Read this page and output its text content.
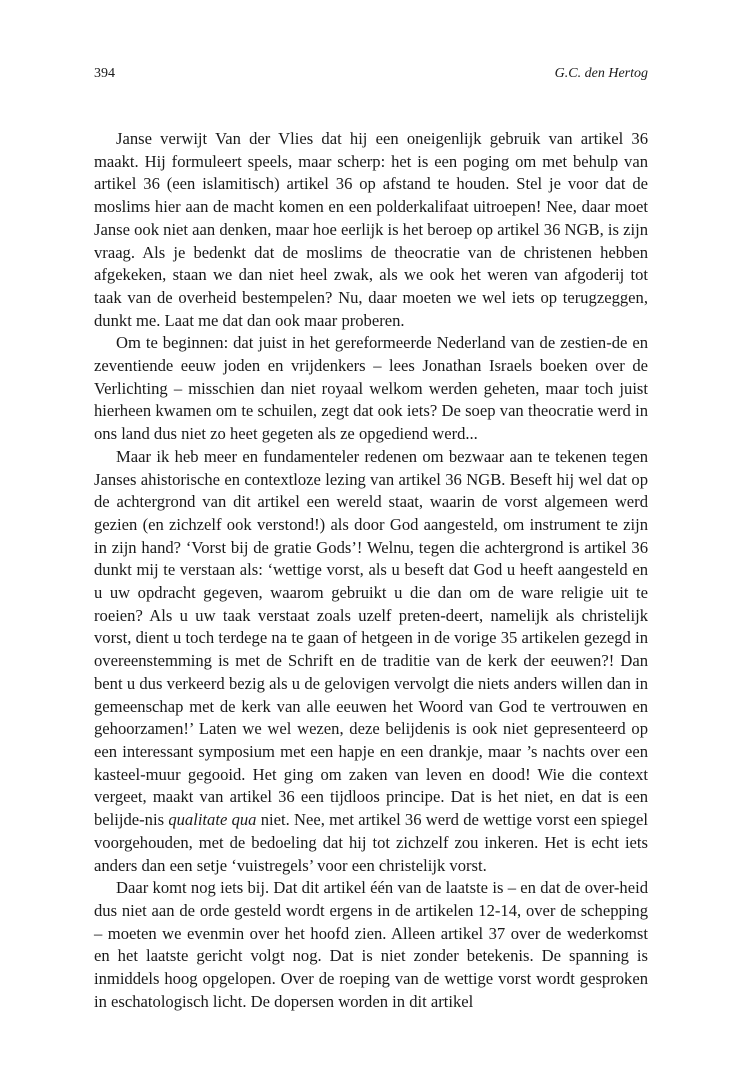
394	G.C. den Hertog

Janse verwijt Van der Vlies dat hij een oneigenlijk gebruik van artikel 36 maakt. Hij formuleert speels, maar scherp: het is een poging om met behulp van artikel 36 (een islamitisch) artikel 36 op afstand te houden. Stel je voor dat de moslims hier aan de macht komen en een polderkalifaat uitroepen! Nee, daar moet Janse ook niet aan denken, maar hoe eerlijk is het beroep op artikel 36 NGB, is zijn vraag. Als je bedenkt dat de moslims de theocratie van de christenen hebben afgekeken, staan we dan niet heel zwak, als we ook het weren van afgoderij tot taak van de overheid bestempelen? Nu, daar moeten we wel iets op terugzeggen, dunkt me. Laat me dat dan ook maar proberen.

Om te beginnen: dat juist in het gereformeerde Nederland van de zestien-de en zeventiende eeuw joden en vrijdenkers – lees Jonathan Israels boeken over de Verlichting – misschien dan niet royaal welkom werden geheten, maar toch juist hierheen kwamen om te schuilen, zegt dat ook iets? De soep van theocratie werd in ons land dus niet zo heet gegeten als ze opgediend werd...

Maar ik heb meer en fundamenteler redenen om bezwaar aan te tekenen tegen Janses ahistorische en contextloze lezing van artikel 36 NGB. Beseft hij wel dat op de achtergrond van dit artikel een wereld staat, waarin de vorst algemeen werd gezien (en zichzelf ook verstond!) als door God aangesteld, om instrument te zijn in zijn hand? ‘Vorst bij de gratie Gods’! Welnu, tegen die achtergrond is artikel 36 dunkt mij te verstaan als: ‘wettige vorst, als u beseft dat God u heeft aangesteld en u uw opdracht gegeven, waarom gebruikt u die dan om de ware religie uit te roeien? Als u uw taak verstaat zoals uzelf preten-deert, namelijk als christelijk vorst, dient u toch terdege na te gaan of hetgeen in de vorige 35 artikelen gezegd in overeenstemming is met de Schrift en de traditie van de kerk der eeuwen?! Dan bent u dus verkeerd bezig als u de gelovigen vervolgt die niets anders willen dan in gemeenschap met de kerk van alle eeuwen het Woord van God te vertrouwen en gehoorzamen!’ Laten we wel wezen, deze belijdenis is ook niet gepresenteerd op een interessant symposium met een hapje en een drankje, maar ’s nachts over een kasteel-muur gegooid. Het ging om zaken van leven en dood! Wie die context vergeet, maakt van artikel 36 een tijdloos principe. Dat is het niet, en dat is een belijde-nis qualitate qua niet. Nee, met artikel 36 werd de wettige vorst een spiegel voorgehouden, met de bedoeling dat hij tot zichzelf zou inkeren. Het is echt iets anders dan een setje ‘vuistregels’ voor een christelijk vorst.

Daar komt nog iets bij. Dat dit artikel één van de laatste is – en dat de over-heid dus niet aan de orde gesteld wordt ergens in de artikelen 12-14, over de schepping – moeten we evenmin over het hoofd zien. Alleen artikel 37 over de wederkomst en het laatste gericht volgt nog. Dat is niet zonder betekenis. De spanning is inmiddels hoog opgelopen. Over de roeping van de wettige vorst wordt gesproken in eschatologisch licht. De dopersen worden in dit artikel
